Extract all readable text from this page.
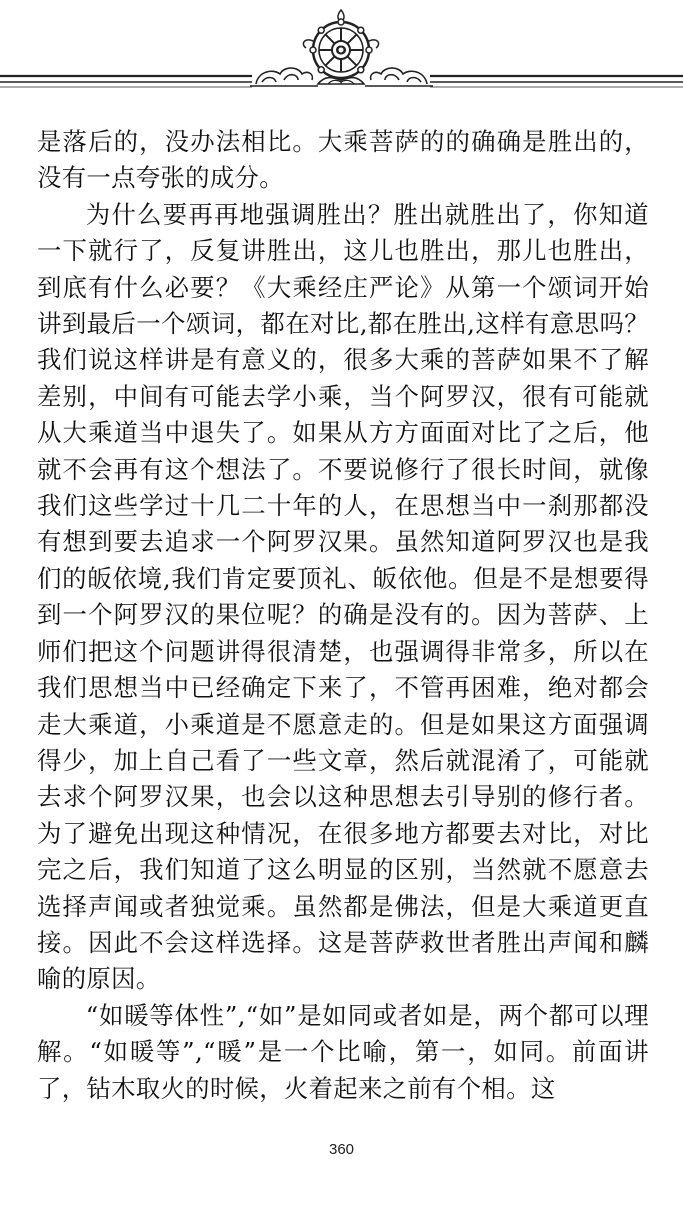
是落后的，没办法相比。大乘菩萨的的确确是胜出的，没有一点夸张的成分。

为什么要再再地强调胜出？胜出就胜出了，你知道一下就行了，反复讲胜出，这儿也胜出，那儿也胜出，到底有什么必要？《大乘经庄严论》从第一个颂词开始讲到最后一个颂词，都在对比,都在胜出,这样有意思吗？我们说这样讲是有意义的，很多大乘的菩萨如果不了解差别，中间有可能去学小乘，当个阿罗汉，很有可能就从大乘道当中退失了。如果从方方面面对比了之后，他就不会再有这个想法了。不要说修行了很长时间，就像我们这些学过十几二十年的人，在思想当中一刹那都没有想到要去追求一个阿罗汉果。虽然知道阿罗汉也是我们的皈依境,我们肯定要顶礼、皈依他。但是不是想要得到一个阿罗汉的果位呢？的确是没有的。因为菩萨、上师们把这个问题讲得很清楚，也强调得非常多，所以在我们思想当中已经确定下来了，不管再困难，绝对都会走大乘道，小乘道是不愿意走的。但是如果这方面强调得少，加上自己看了一些文章，然后就混淆了，可能就去求个阿罗汉果，也会以这种思想去引导别的修行者。为了避免出现这种情况，在很多地方都要去对比，对比完之后，我们知道了这么明显的区别，当然就不愿意去选择声闻或者独觉乘。虽然都是佛法，但是大乘道更直接。因此不会这样选择。这是菩萨救世者胜出声闻和麟喻的原因。

“如暖等体性”,“如”是如同或者如是，两个都可以理解。“如暖等”,“暖”是一个比喻，第一，如同。前面讲了，钻木取火的时候，火着起来之前有个相。这

360
